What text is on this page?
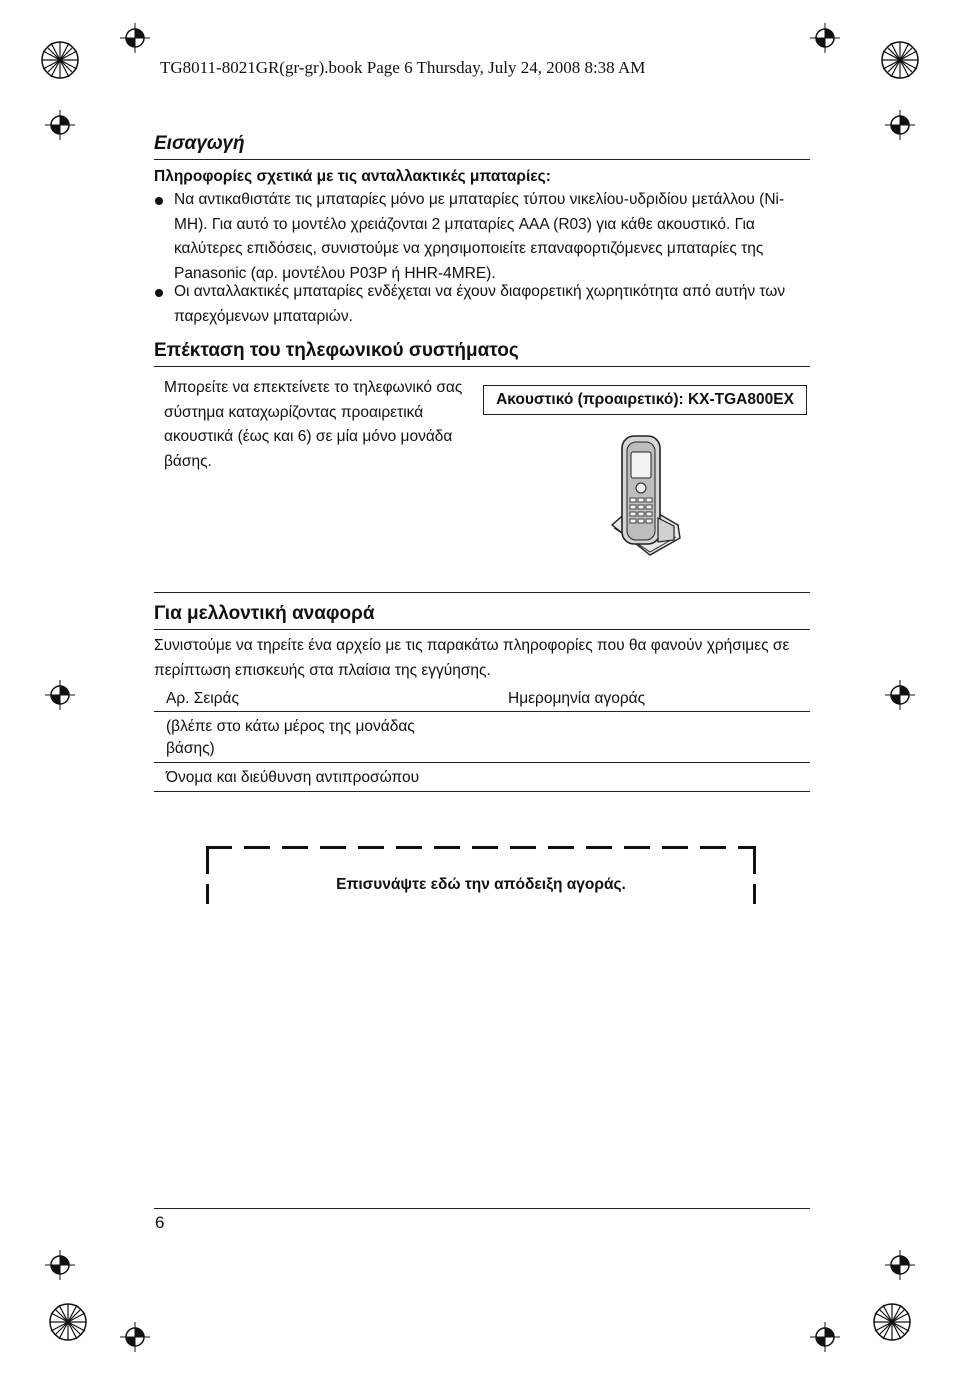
TG8011-8021GR(gr-gr).book Page 6 Thursday, July 24, 2008 8:38 AM
Εισαγωγή
Πληροφορίες σχετικά με τις ανταλλακτικές μπαταρίες:
Να αντικαθιστάτε τις μπαταρίες μόνο με μπαταρίες τύπου νικελίου-υδριδίου μετάλλου (Ni-MH). Για αυτό το μοντέλο χρειάζονται 2 μπαταρίες AAA (R03) για κάθε ακουστικό. Για καλύτερες επιδόσεις, συνιστούμε να χρησιμοποιείτε επαναφορτιζόμενες μπαταρίες της Panasonic (αρ. μοντέλου P03P ή HHR-4MRE).
Οι ανταλλακτικές μπαταρίες ενδέχεται να έχουν διαφορετική χωρητικότητα από αυτήν των παρεχόμενων μπαταριών.
Επέκταση του τηλεφωνικού συστήματος
Μπορείτε να επεκτείνετε το τηλεφωνικό σας σύστημα καταχωρίζοντας προαιρετικά ακουστικά (έως και 6) σε μία μόνο μονάδα βάσης.
Ακουστικό (προαιρετικό): KX-TGA800EX
Για μελλοντική αναφορά
Συνιστούμε να τηρείτε ένα αρχείο με τις παρακάτω πληροφορίες που θα φανούν χρήσιμες σε περίπτωση επισκευής στα πλαίσια της εγγύησης.
Αρ. Σειράς	Ημερομηνία αγοράς
(βλέπε στο κάτω μέρος της μονάδας βάσης)
Όνομα και διεύθυνση αντιπροσώπου
Επισυνάψτε εδώ την απόδειξη αγοράς.
6
